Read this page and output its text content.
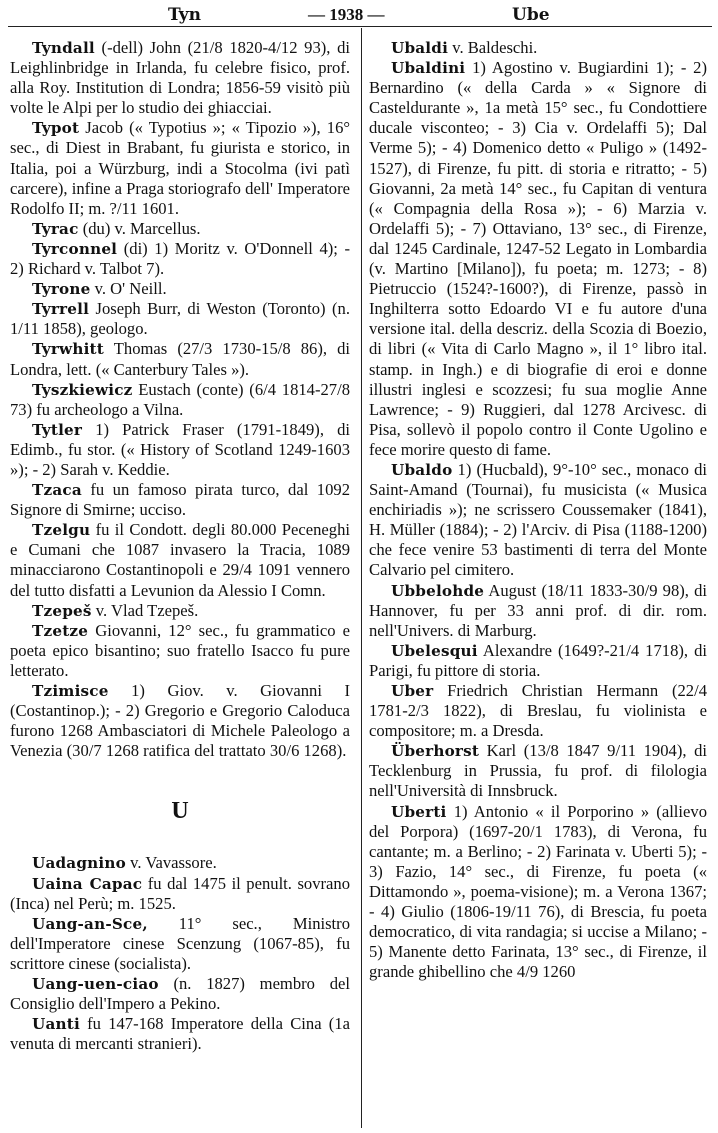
Tyn	— 1938 —	Ube
Tyndall (-dell) John (21/8 1820-4/12 93), di Leighlinbridge in Irlanda, fu celebre fisico, prof. alla Roy. Institution di Londra; 1856-59 visitò più volte le Alpi per lo studio dei ghiacciai.
Typot Jacob (« Typotius »; « Tipozio »), 16° sec., di Diest in Brabant, fu giurista e storico, in Italia, poi a Würzburg, indi a Stocolma (ivi patì carcere), infine a Praga storiografo dell' Imperatore Rodolfo II; m. ?/11 1601.
Tyrac (du) v. Marcellus.
Tyrconnel (di) 1) Moritz v. O'Donnell 4); - 2) Richard v. Talbot 7).
Tyrone v. O' Neill.
Tyrrell Joseph Burr, di Weston (Toronto) (n. 1/11 1858), geologo.
Tyrwhitt Thomas (27/3 1730-15/8 86), di Londra, lett. (« Canterbury Tales »).
Tyszkiewicz Eustach (conte) (6/4 1814-27/8 73) fu archeologo a Vilna.
Tytler 1) Patrick Fraser (1791-1849), di Edimb., fu stor. (« History of Scotland 1249-1603 »); - 2) Sarah v. Keddie.
Tzaca fu un famoso pirata turco, dal 1092 Signore di Smirne; ucciso.
Tzelgu fu il Condott. degli 80.000 Peceneghi e Cumani che 1087 invasero la Tracia, 1089 minacciarono Costantinopoli e 29/4 1091 vennero del tutto disfatti a Levunion da Alessio I Comn.
Tzepeš v. Vlad Tzepeš.
Tzetze Giovanni, 12° sec., fu grammatico e poeta epico bisantino; suo fratello Isacco fu pure letterato.
Tzimisce 1) Giov. v. Giovanni I (Costantinop.); - 2) Gregorio e Gregorio Caloduca furono 1268 Ambasciatori di Michele Paleologo a Venezia (30/7 1268 ratifica del trattato 30/6 1268).
U
Uadagnino v. Vavassore.
Uaina Capac fu dal 1475 il penult. sovrano (Inca) nel Perù; m. 1525.
Uang-an-Sce, 11° sec., Ministro dell'Imperatore cinese Scenzung (1067-85), fu scrittore cinese (socialista).
Uang-uen-ciao (n. 1827) membro del Consiglio dell'Impero a Pekino.
Uanti fu 147-168 Imperatore della Cina (1a venuta di mercanti stranieri).
Ubaldi v. Baldeschi.
Ubaldini 1) Agostino v. Bugiardini 1); - 2) Bernardino (« della Carda » « Signore di Casteldurante », 1a metà 15° sec., fu Condottiere ducale visconteo; - 3) Cia v. Ordelaffi 5); Dal Verme 5); - 4) Domenico detto « Puligo » (1492-1527), di Firenze, fu pitt. di storia e ritratto; - 5) Giovanni, 2a metà 14° sec., fu Capitan di ventura (« Compagnia della Rosa »); - 6) Marzia v. Ordelaffi 5); - 7) Ottaviano, 13° sec., di Firenze, dal 1245 Cardinale, 1247-52 Legato in Lombardia (v. Martino [Milano]), fu poeta; m. 1273; - 8) Pietruccio (1524?-1600?), di Firenze, passò in Inghilterra sotto Edoardo VI e fu autore d'una versione ital. della descriz. della Scozia di Boezio, di libri (« Vita di Carlo Magno », il 1° libro ital. stamp. in Ingh.) e di biografie di eroi e donne illustri inglesi e scozzesi; fu sua moglie Anne Lawrence; - 9) Ruggieri, dal 1278 Arcivesc. di Pisa, sollevò il popolo contro il Conte Ugolino e fece morire questo di fame.
Ubaldo 1) (Hucbald), 9°-10° sec., monaco di Saint-Amand (Tournai), fu musicista (« Musica enchiriadis »); ne scrissero Coussemaker (1841), H. Müller (1884); - 2) l'Arciv. di Pisa (1188-1200) che fece venire 53 bastimenti di terra del Monte Calvario pel cimitero.
Ubbelohde August (18/11 1833-30/9 98), di Hannover, fu per 33 anni prof. di dir. rom. nell'Univers. di Marburg.
Ubelesqui Alexandre (1649?-21/4 1718), di Parigi, fu pittore di storia.
Uber Friedrich Christian Hermann (22/4 1781-2/3 1822), di Breslau, fu violinista e compositore; m. a Dresda.
Überhorst Karl (13/8 1847 9/11 1904), di Tecklenburg in Prussia, fu prof. di filologia nell'Università di Innsbruck.
Uberti 1) Antonio « il Porporino » (allievo del Porpora) (1697-20/1 1783), di Verona, fu cantante; m. a Berlino; - 2) Farinata v. Uberti 5); - 3) Fazio, 14° sec., di Firenze, fu poeta (« Dittamondo », poema-visione); m. a Verona 1367; - 4) Giulio (1806-19/11 76), di Brescia, fu poeta democratico, di vita randagia; si uccise a Milano; - 5) Manente detto Farinata, 13° sec., di Firenze, il grande ghibellino che 4/9 1260
